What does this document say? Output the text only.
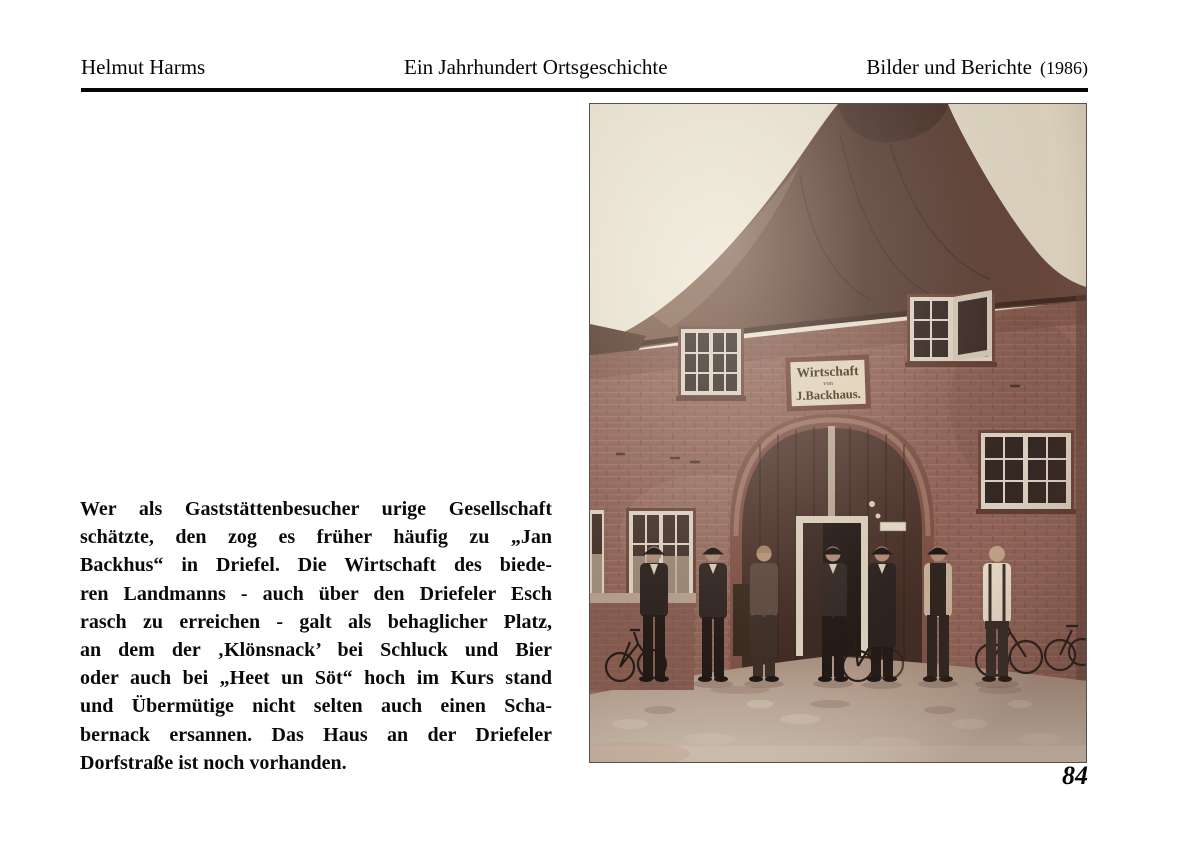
Helmut Harms	Ein Jahrhundert Ortsgeschichte	Bilder und Berichte (1986)
Wer als Gaststättenbesucher urige Gesellschaft
schätzte, den zog es früher häufig zu „Jan
Backhus“ in Driefel. Die Wirtschaft des biede-
ren Landmanns - auch über den Driefeler Esch
rasch zu erreichen - galt als behaglicher Platz,
an dem der ‚Klönsnack’ bei Schluck und Bier
oder auch bei „Heet un Söt“ hoch im Kurs stand
und Übermütige nicht selten auch einen Scha-
bernack ersannen. Das Haus an der Driefeler
Dorfstraße ist noch vorhanden.	84
